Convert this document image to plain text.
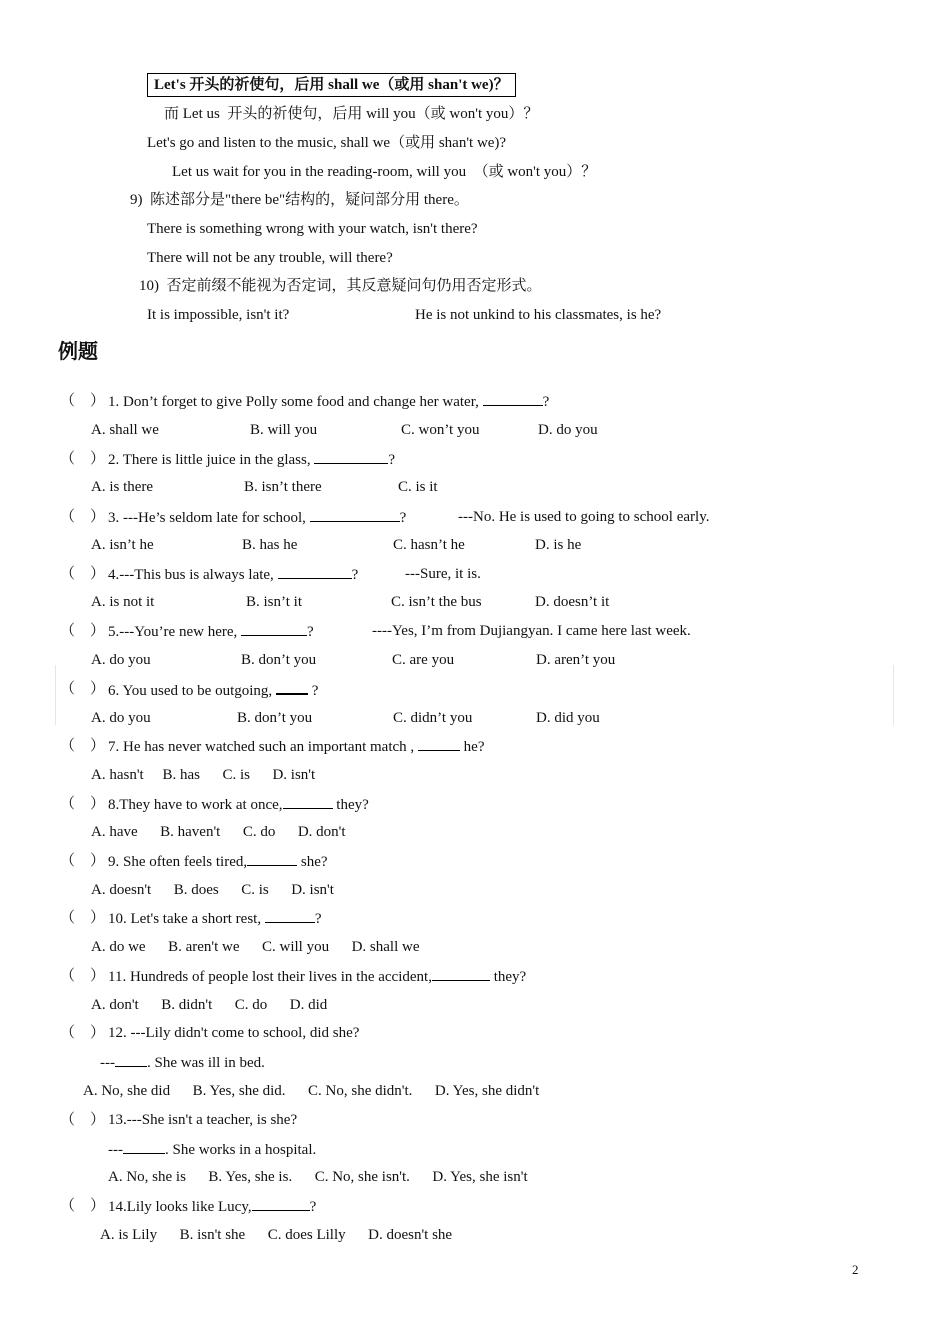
Let's 开头的祈使句，后用 shall we（或用 shan't we)？
而 Let us  开头的祈使句，后用 will you（或 won't you）？
Let's go and listen to the music, shall we（或用 shan't we)?
Let us wait for you in the reading-room, will you  （或 won't you）？
9)  陈述部分是"there be"结构的，疑问部分用 there。
There is something wrong with your watch, isn't there?
There will not be any trouble, will there?
10)  否定前缀不能视为否定词，其反意疑问句仍用否定形式。
It is impossible, isn't it?	He is not unkind to his classmates, is he?
例题
（    ） 1. Don’t forget to give Polly some food and change her water,	?
A. shall we	B. will you	C. won’t you	D. do you
（    ） 2. There is little juice in the glass,	?
A. is there	B. isn’t there	C. is it
（    ） 3. ---He’s seldom late for school,	?	---No. He is used to going to school early.
A. isn’t he	B. has he	C. hasn’t he	D. is he
（    ） 4.---This bus is always late,	?	---Sure, it is.
A. is not it	B. isn’t it	C. isn’t the bus	D. doesn’t it
（    ） 5.---You’re new here,	?	----Yes, I’m from Dujiangyan. I came here last week.
A. do you	B. don’t you	C. are you	D. aren’t you
（    ） 6. You used to be outgoing,  ?
A. do you	B. don’t you	C. didn’t you	D. did you
（    ） 7. He has never watched such an important match ,	he?
A. hasn't     B. has      C. is      D. isn't
（    ） 8.They have to work at once,	they?
A. have      B. haven't      C. do      D. don't
（    ） 9. She often feels tired,	she?
A. doesn't      B. does      C. is      D. isn't
（    ） 10. Let's take a short rest,	?
A. do we      B. aren't we      C. will you      D. shall we
（    ） 11. Hundreds of people lost their lives in the accident,	they?
A. don't      B. didn't      C. do      D. did
（    ） 12. ---Lily didn't come to school, did she?
--- . She was ill in bed.
A. No, she did      B. Yes, she did.      C. No, she didn't.      D. Yes, she didn't
（    ） 13.---She isn't a teacher, is she?
---	. She works in a hospital.
A. No, she is      B. Yes, she is.      C. No, she isn't.      D. Yes, she isn't
（    ） 14.Lily looks like Lucy,	?
A. is Lily      B. isn't she      C. does Lilly      D. doesn't she
2
